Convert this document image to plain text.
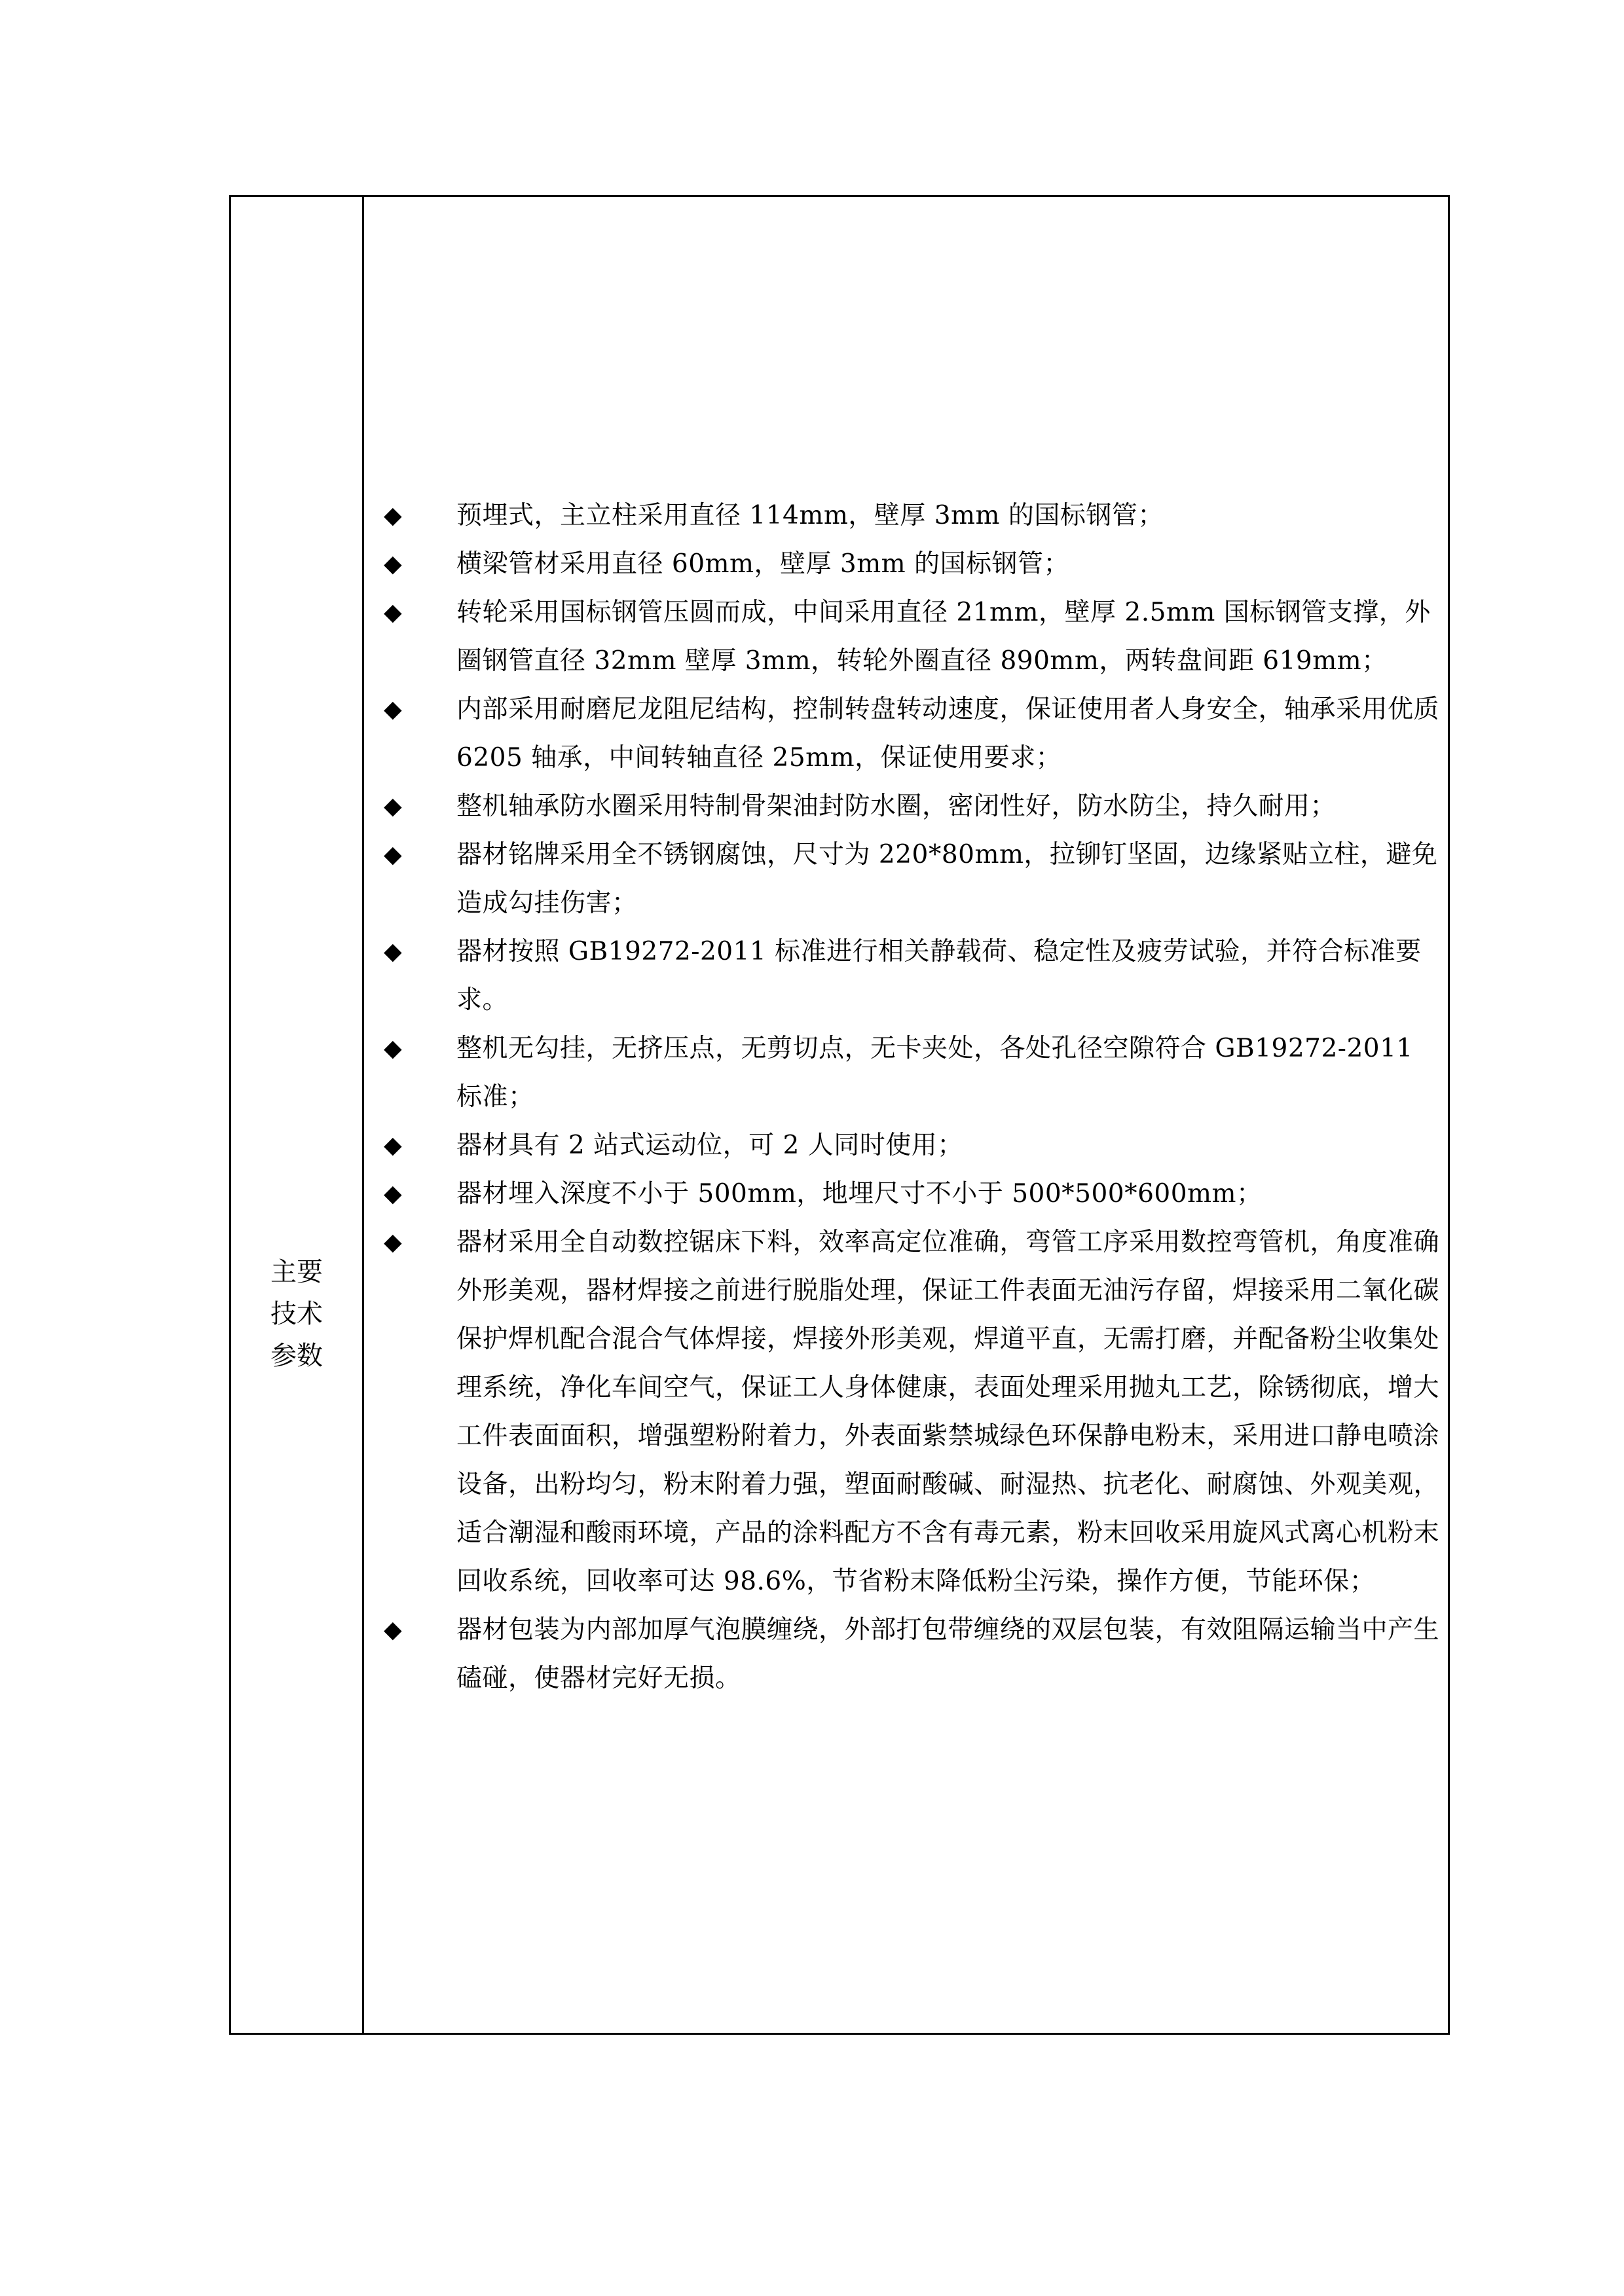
主要技术参数
◆	预埋式，主立柱采用直径 114mm，壁厚 3mm 的国标钢管；
◆	横梁管材采用直径 60mm，壁厚 3mm 的国标钢管；
◆	转轮采用国标钢管压圆而成，中间采用直径 21mm，壁厚 2.5mm 国标钢管支撑，外圈钢管直径 32mm 壁厚 3mm，转轮外圈直径 890mm，两转盘间距 619mm；
◆	内部采用耐磨尼龙阻尼结构，控制转盘转动速度，保证使用者人身安全，轴承采用优质 6205 轴承，中间转轴直径 25mm，保证使用要求；
◆	整机轴承防水圈采用特制骨架油封防水圈，密闭性好，防水防尘，持久耐用；
◆	器材铭牌采用全不锈钢腐蚀，尺寸为 220*80mm，拉铆钉坚固，边缘紧贴立柱，避免造成勾挂伤害；
◆	器材按照 GB19272-2011 标准进行相关静载荷、稳定性及疲劳试验，并符合标准要求。
◆	整机无勾挂，无挤压点，无剪切点，无卡夹处，各处孔径空隙符合 GB19272-2011 标准；
◆	器材具有 2 站式运动位，可 2 人同时使用；
◆	器材埋入深度不小于 500mm，地埋尺寸不小于 500*500*600mm；
◆	器材采用全自动数控锯床下料，效率高定位准确，弯管工序采用数控弯管机，角度准确外形美观，器材焊接之前进行脱脂处理，保证工件表面无油污存留，焊接采用二氧化碳保护焊机配合混合气体焊接，焊接外形美观，焊道平直，无需打磨，并配备粉尘收集处理系统，净化车间空气，保证工人身体健康，表面处理采用抛丸工艺，除锈彻底，增大工件表面面积，增强塑粉附着力，外表面紫禁城绿色环保静电粉末，采用进口静电喷涂设备，出粉均匀，粉末附着力强，塑面耐酸碱、耐湿热、抗老化、耐腐蚀、外观美观，适合潮湿和酸雨环境，产品的涂料配方不含有毒元素，粉末回收采用旋风式离心机粉末回收系统，回收率可达 98.6%，节省粉末降低粉尘污染，操作方便，节能环保；
◆	器材包装为内部加厚气泡膜缠绕，外部打包带缠绕的双层包装，有效阻隔运输当中产生磕碰，使器材完好无损。
